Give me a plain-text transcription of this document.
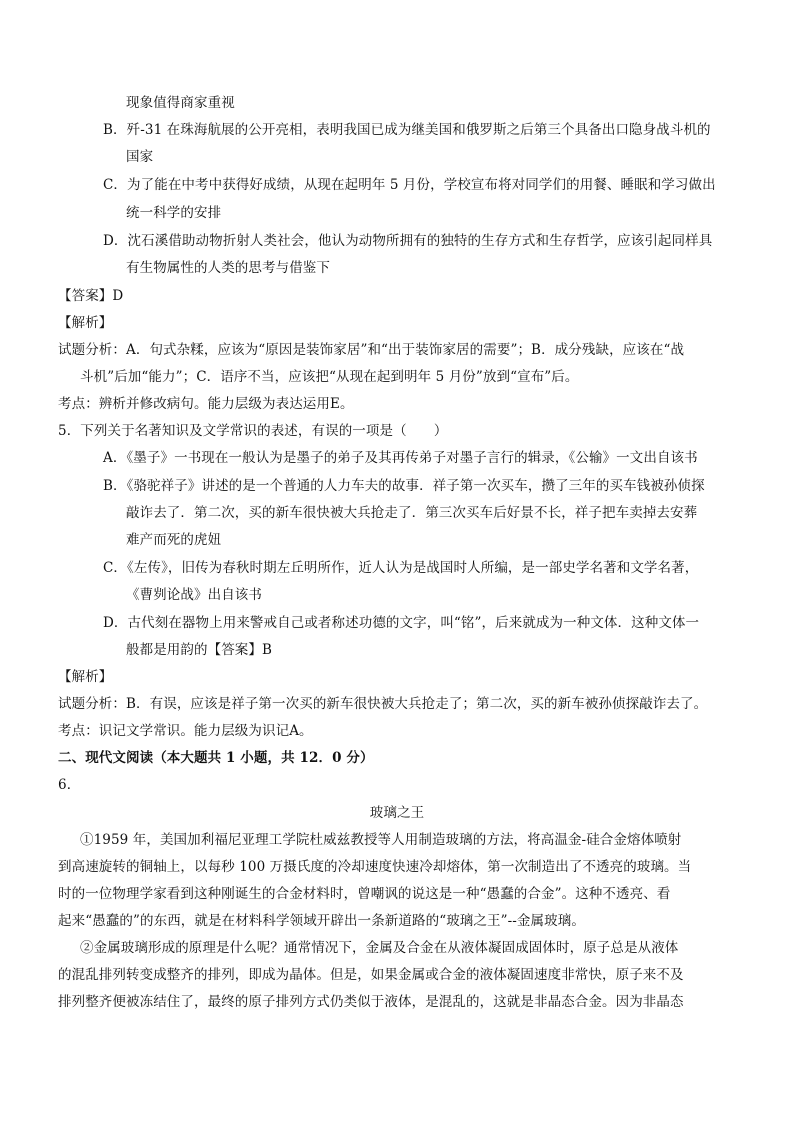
现象值得商家重视
B．歼-31 在珠海航展的公开亮相，表明我国已成为继美国和俄罗斯之后第三个具备出口隐身战斗机的
国家
C．为了能在中考中获得好成绩，从现在起明年 5 月份，学校宣布将对同学们的用餐、睡眠和学习做出
统一科学的安排
D．沈石溪借助动物折射人类社会，他认为动物所拥有的独特的生存方式和生存哲学，应该引起同样具
有生物属性的人类的思考与借鉴下
【答案】D
【解析】
试题分析：A．句式杂糅，应该为“原因是装饰家居”和“出于装饰家居的需要”；B．成分残缺，应该在“战
斗机”后加“能力”；C．语序不当，应该把“从现在起到明年 5 月份”放到“宣布”后。
考点：辨析并修改病句。能力层级为表达运用E。
5．下列关于名著知识及文学常识的表述，有误的一项是（　　）
A．《墨子》一书现在一般认为是墨子的弟子及其再传弟子对墨子言行的辑录，《公输》一文出自该书
B．《骆驼祥子》讲述的是一个普通的人力车夫的故事．祥子第一次买车，攒了三年的买车钱被孙侦探
敲诈去了．第二次，买的新车很快被大兵抢走了．第三次买车后好景不长，祥子把车卖掉去安葬
难产而死的虎妞
C．《左传》，旧传为春秋时期左丘明所作，近人认为是战国时人所编，是一部史学名著和文学名著，
《曹刿论战》出自该书
D．古代刻在器物上用来警戒自己或者称述功德的文字，叫“铭”，后来就成为一种文体．这种文体一
般都是用韵的【答案】B
【解析】
试题分析：B．有误，应该是祥子第一次买的新车很快被大兵抢走了；第二次，买的新车被孙侦探敲诈去了。
考点：识记文学常识。能力层级为识记A。
二、现代文阅读（本大题共 1 小题，共 12．0 分）
6．
玻璃之王
①1959 年，美国加利福尼亚理工学院杜威兹教授等人用制造玻璃的方法，将高温金-硅合金熔体喷射
到高速旋转的铜轴上，以每秒 100 万摄氏度的冷却速度快速冷却熔体，第一次制造出了不透亮的玻璃。当
时的一位物理学家看到这种刚诞生的合金材料时，曾嘲讽的说这是一种“愚蠢的合金”。这种不透亮、看
起来“愚蠢的”的东西，就是在材料科学领域开辟出一条新道路的“玻璃之王”--金属玻璃。
②金属玻璃形成的原理是什么呢？通常情况下，金属及合金在从液体凝固成固体时，原子总是从液体
的混乱排列转变成整齐的排列，即成为晶体。但是，如果金属或合金的液体凝固速度非常快，原子来不及
排列整齐便被冻结住了，最终的原子排列方式仍类似于液体，是混乱的，这就是非晶态合金。因为非晶态
